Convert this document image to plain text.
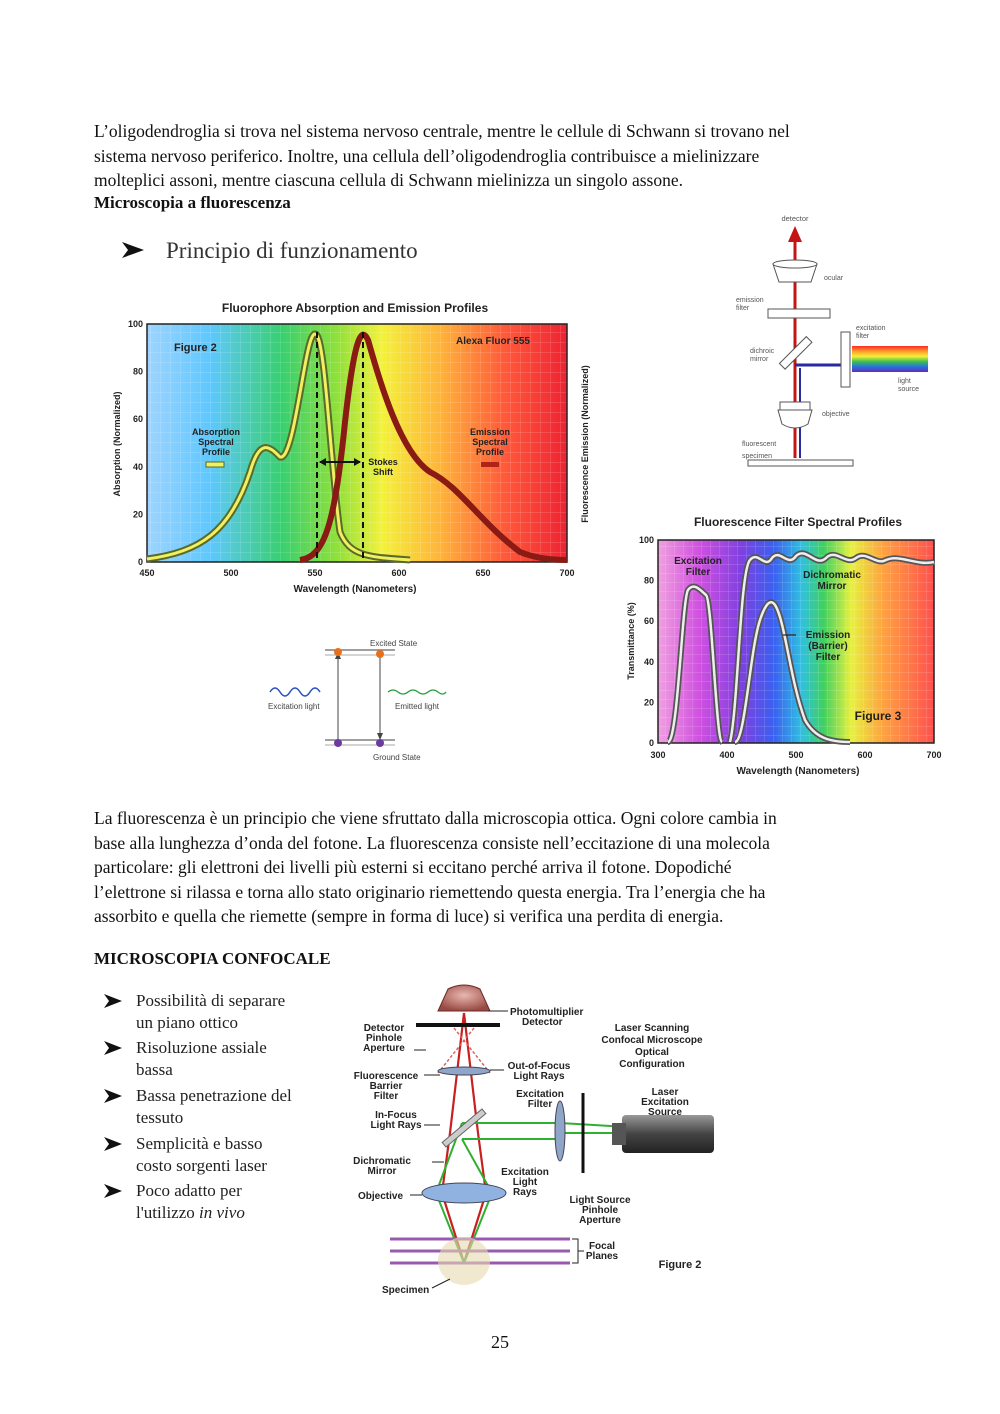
L’oligodendroglia si trova nel sistema nervoso centrale, mentre le cellule di Schwann si trovano nel
sistema nervoso periferico. Inoltre, una cellula dell’oligodendroglia contribuisce a mielinizzare
molteplici assoni, mentre ciascuna cellula di Schwann mielinizza un singolo assone.
Microscopia a fluorescenza
Principio di funzionamento
Fluorophore Absorption and Emission Profiles
0
20
40
60
80
100
450	500	550	600	650	700
Wavelength (Nanometers)
Absorption (Normalized)	Fluorescence Emission (Normalized)
Figure 2
Alexa Fluor 555
Absorption
Spectral
Profile
Emission
Spectral
Profile
Stokes
Shift
Excited State
Ground State
Excitation light	Emitted light
detector
ocular
emission filter
dichroic mirror
excitation filter
light source
objective
fluorescent specimen
Fluorescence Filter Spectral Profiles
0
20
40
60
80
100
300	400	500	600	700
Wavelength (Nanometers)
Transmittance (%)
Excitation
Filter	Dichromatic
Mirror
Emission
(Barrier)
Filter
Figure 3
La fluorescenza è un principio che viene sfruttato dalla microscopia ottica. Ogni colore cambia in
base alla lunghezza d’onda del fotone. La fluorescenza consiste nell’eccitazione di una molecola
particolare: gli elettroni dei livelli più esterni si eccitano perché arriva il fotone. Dopodiché
l’elettrone si rilassa e torna allo stato originario riemettendo questa energia. Tra l’energia che ha
assorbito e quella che riemette (sempre in forma di luce) si verifica una perdita di energia.
MICROSCOPIA CONFOCALE
Possibilità di separare
un piano ottico
Risoluzione assiale
bassa
Bassa penetrazione del
tessuto
Semplicità e basso
costo sorgenti laser
Poco adatto per
l'utilizzo in vivo
Photomultiplier Detector
Detector Pinhole Aperture
Out-of-Focus Light Rays
Laser Scanning Confocal Microscope Optical Configuration
Fluorescence Barrier Filter	Excitation Filter
Laser Excitation Source
In-Focus Light Rays
Dichromatic Mirror	Excitation Light Rays
Objective	Light Source Pinhole Aperture
Focal Planes
Figure 2
Specimen
25
